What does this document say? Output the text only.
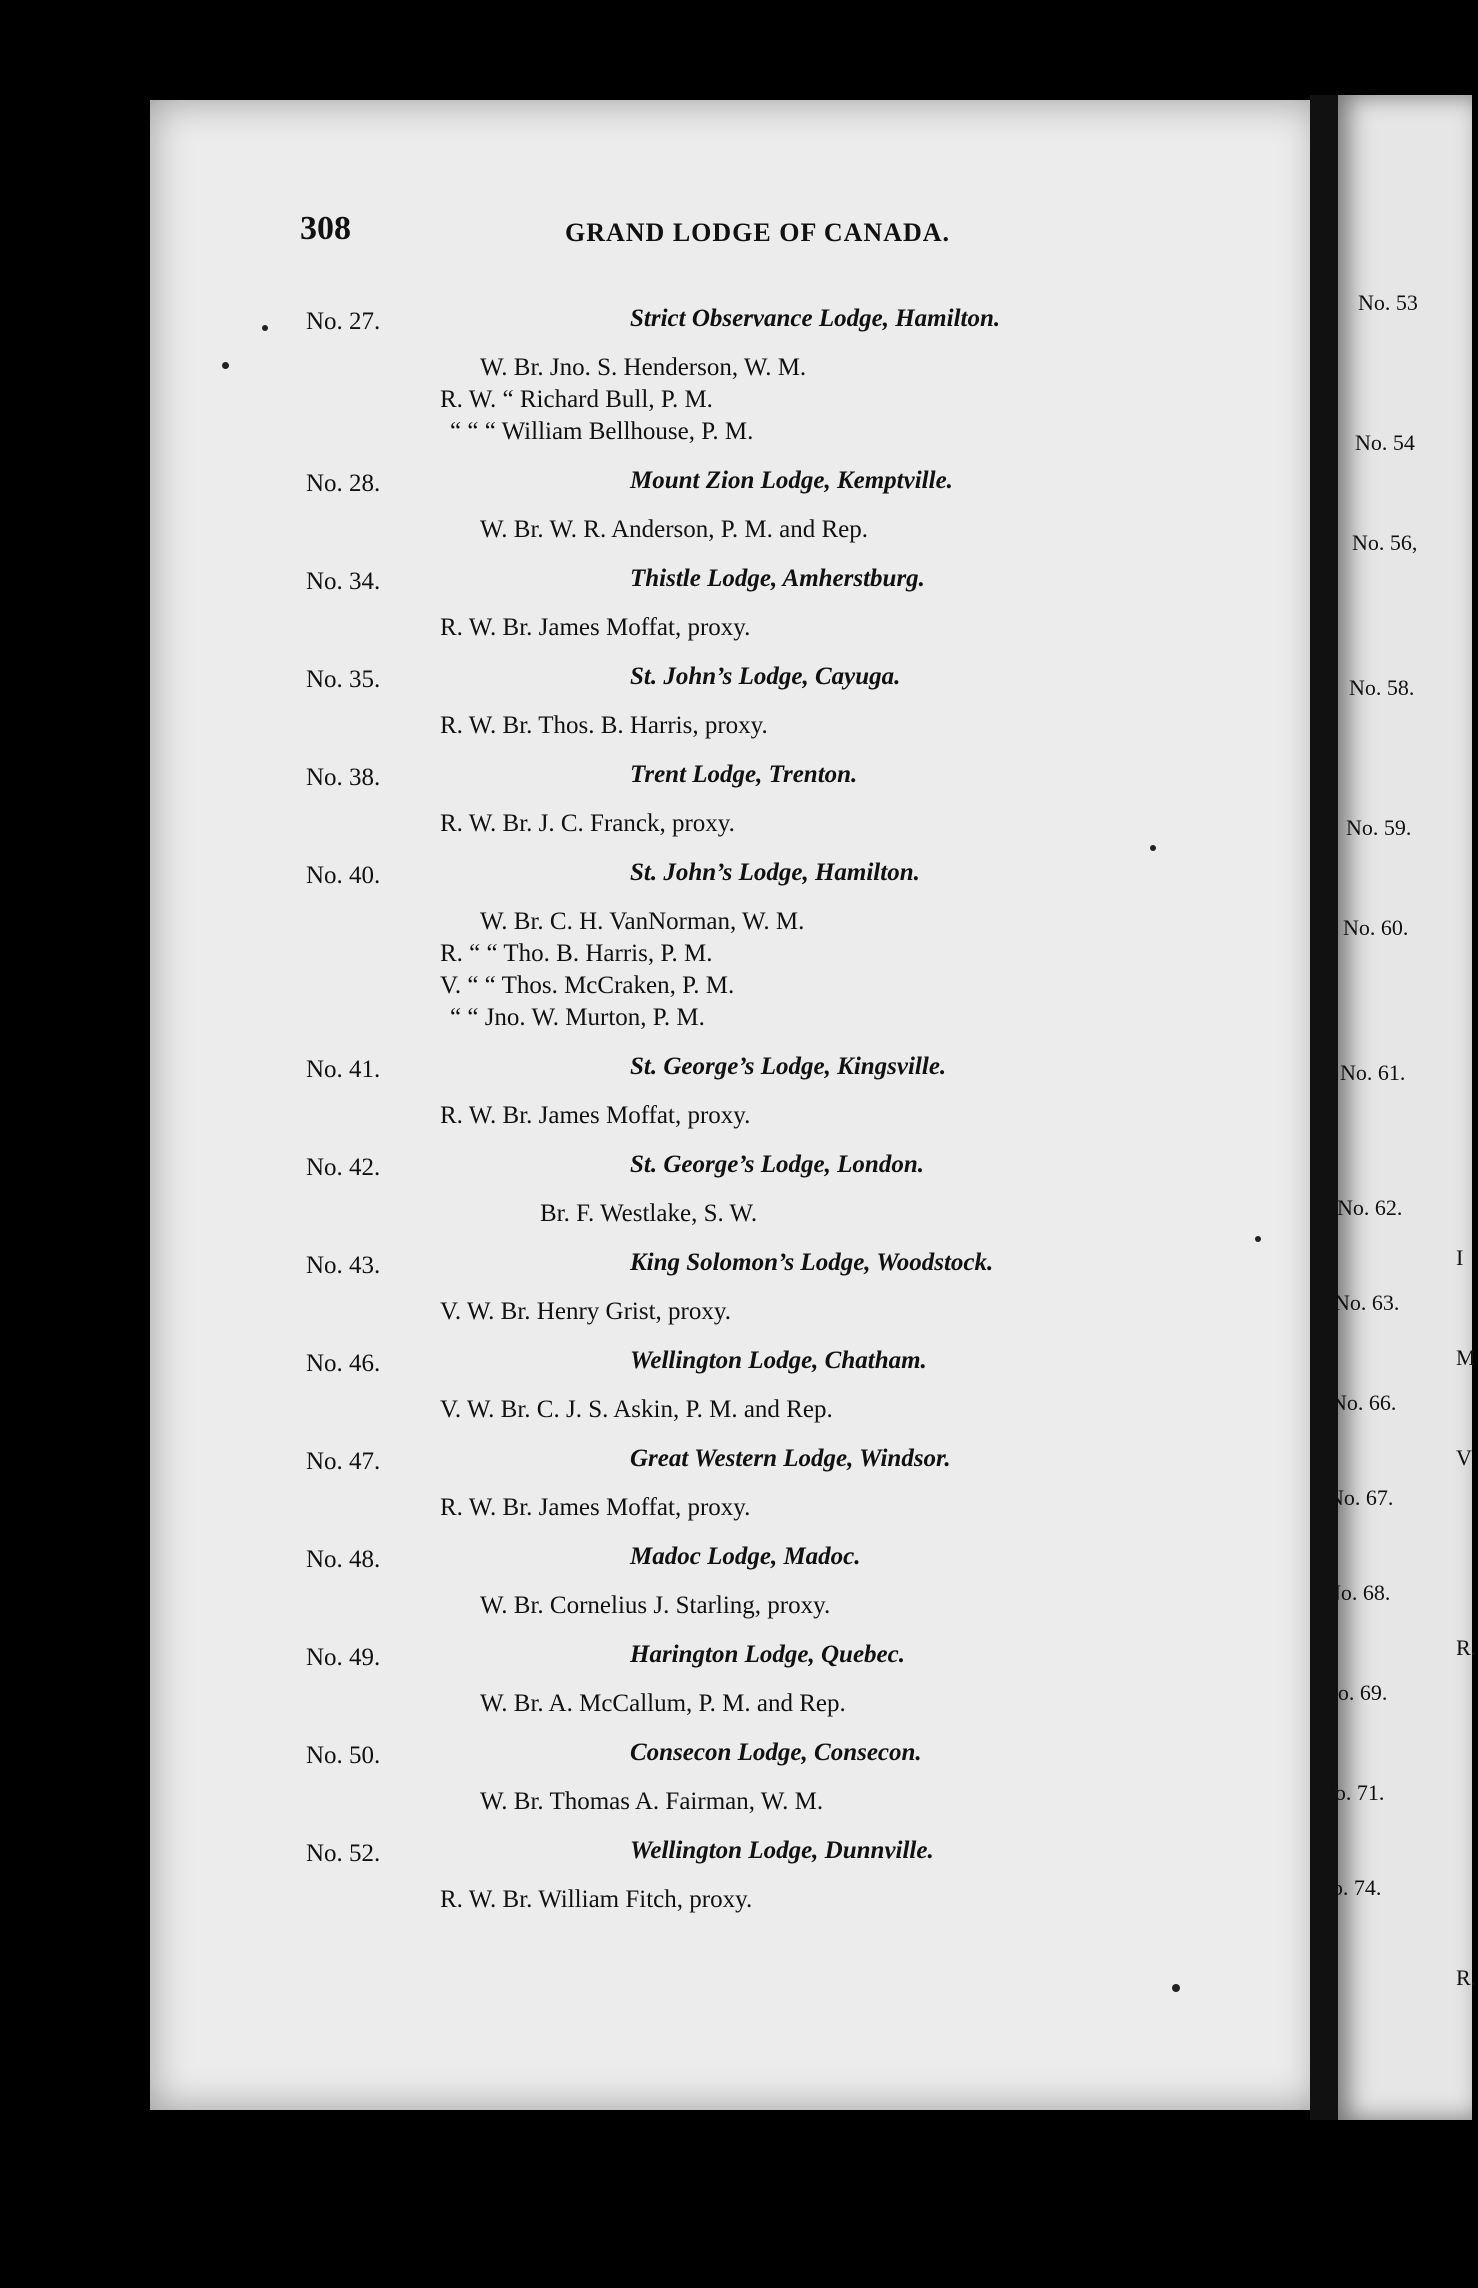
308	GRAND LODGE OF CANADA.
No. 27.	Strict Observance Lodge, Hamilton.
W. Br. Jno. S. Henderson, W. M.
R. W. “ Richard Bull, P. M.
“ “ “ William Bellhouse, P. M.
No. 28.	Mount Zion Lodge, Kemptville.
W. Br. W. R. Anderson, P. M. and Rep.
No. 34.	Thistle Lodge, Amherstburg.
R. W. Br. James Moffat, proxy.
No. 35.	St. John’s Lodge, Cayuga.
R. W. Br. Thos. B. Harris, proxy.
No. 38.	Trent Lodge, Trenton.
R. W. Br. J. C. Franck, proxy.
No. 40.	St. John’s Lodge, Hamilton.
W. Br. C. H. VanNorman, W. M.
R. “ “ Tho. B. Harris, P. M.
V. “ “ Thos. McCraken, P. M.
“ “ Jno. W. Murton, P. M.
No. 41.	St. George’s Lodge, Kingsville.
R. W. Br. James Moffat, proxy.
No. 42.	St. George’s Lodge, London.
Br. F. Westlake, S. W.
No. 43.	King Solomon’s Lodge, Woodstock.
V. W. Br. Henry Grist, proxy.
No. 46.	Wellington Lodge, Chatham.
V. W. Br. C. J. S. Askin, P. M. and Rep.
No. 47.	Great Western Lodge, Windsor.
R. W. Br. James Moffat, proxy.
No. 48.	Madoc Lodge, Madoc.
W. Br. Cornelius J. Starling, proxy.
No. 49.	Harington Lodge, Quebec.
W. Br. A. McCallum, P. M. and Rep.
No. 50.	Consecon Lodge, Consecon.
W. Br. Thomas A. Fairman, W. M.
No. 52.	Wellington Lodge, Dunnville.
R. W. Br. William Fitch, proxy.
No. 53
No. 54
No. 56,
No. 58.
No. 59.
No. 60.
No. 61.
No. 62.
No. 63.
No. 66.
No. 67.
No. 68.
No. 69.
No. 71.
No. 74.
I
M
V
R.
R.
